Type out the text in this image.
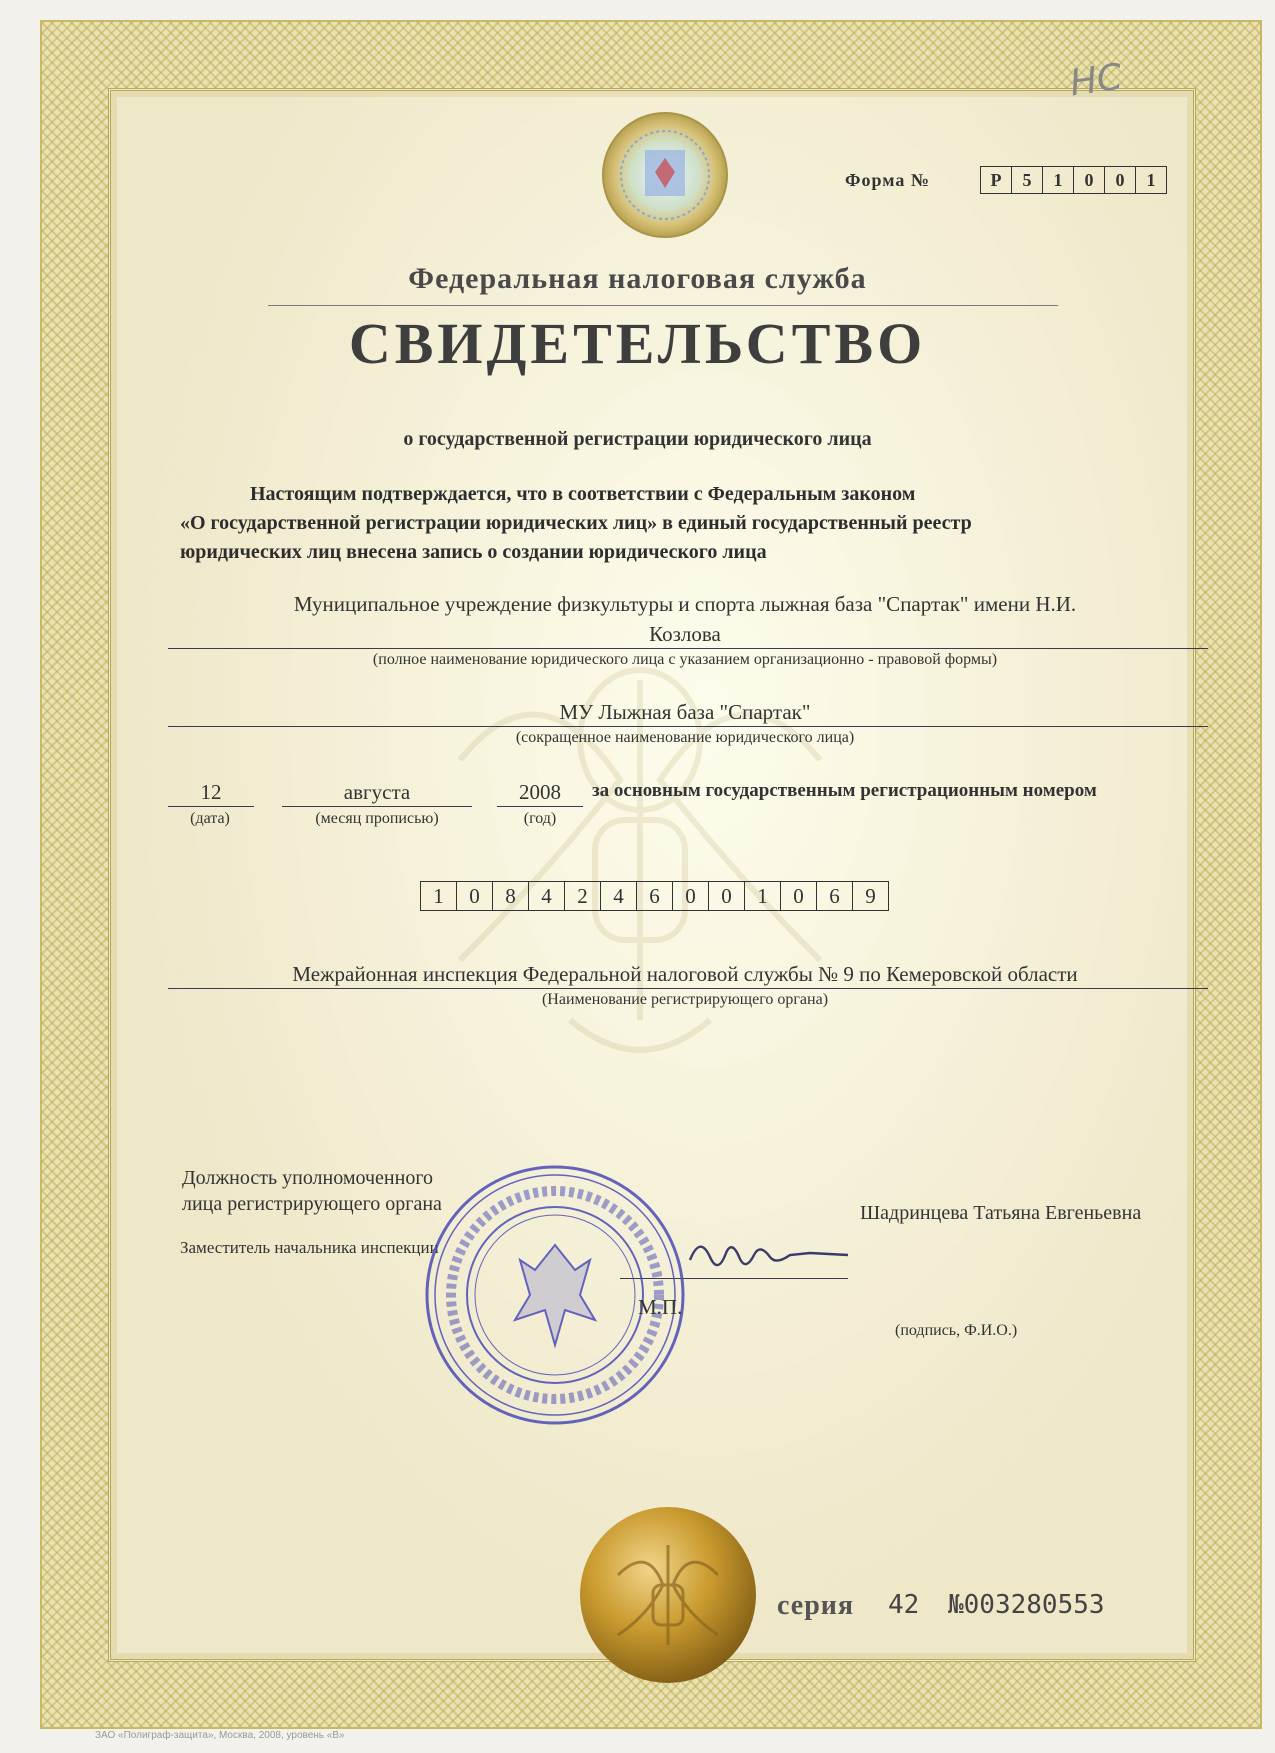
НС
Форма №	Р	5	1	0	0	1
Федеральная налоговая служба
СВИДЕТЕЛЬСТВО
о государственной регистрации юридического лица
Настоящим подтверждается, что в соответствии с Федеральным законом
«О государственной регистрации юридических лиц» в единый государственный реестр
юридических лиц внесена запись о создании юридического лица
Муниципальное учреждение физкультуры и спорта лыжная база "Спартак" имени Н.И.
Козлова
(полное наименование юридического лица с указанием организационно - правовой формы)
МУ Лыжная база "Спартак"
(сокращенное наименование юридического лица)
12
(дата)
августа
(месяц прописью)
2008
(год)
за основным государственным регистрационным номером
1	0	8	4	2	4	6	0	0	1	0	6	9
Межрайонная инспекция Федеральной налоговой службы № 9 по Кемеровской области
(Наименование регистрирующего органа)
Должность уполномоченного
лица регистрирующего органа
Заместитель начальника инспекции
Шадринцева Татьяна Евгеньевна
М.П.
(подпись, Ф.И.О.)
серия 42 №003280553
ЗАО «Полиграф-защита», Москва, 2008, уровень «В»
